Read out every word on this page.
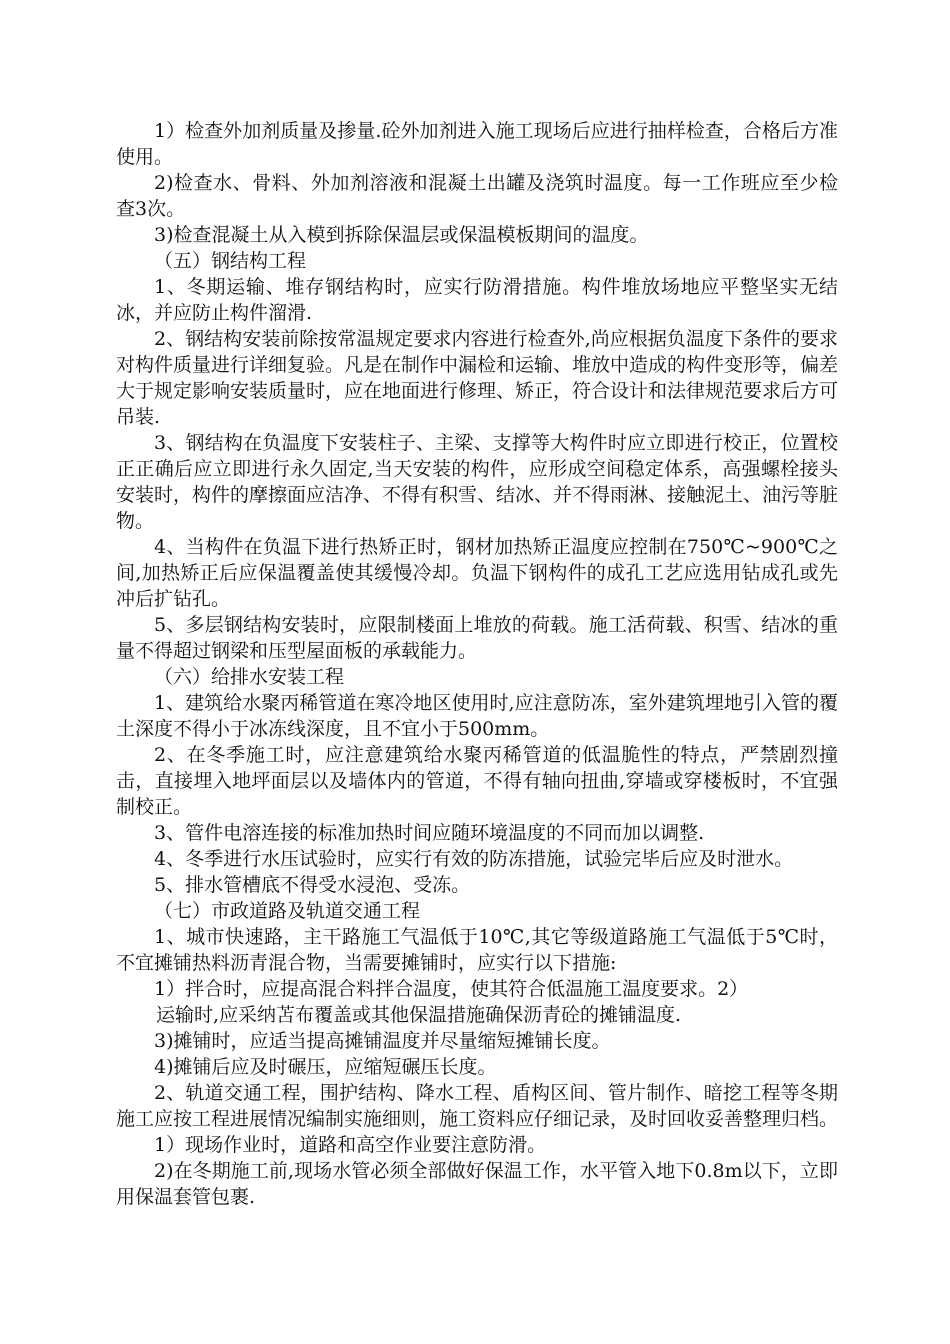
1）检查外加剂质量及掺量.砼外加剂进入施工现场后应进行抽样检查，合格后方准使用。

2)检查水、骨料、外加剂溶液和混凝土出罐及浇筑时温度。每一工作班应至少检查3次。

3)检查混凝土从入模到拆除保温层或保温模板期间的温度。

（五）钢结构工程

1、冬期运输、堆存钢结构时，应实行防滑措施。构件堆放场地应平整坚实无结冰，并应防止构件溜滑.

2、钢结构安装前除按常温规定要求内容进行检查外,尚应根据负温度下条件的要求对构件质量进行详细复验。凡是在制作中漏检和运输、堆放中造成的构件变形等，偏差大于规定影响安装质量时，应在地面进行修理、矫正，符合设计和法律规范要求后方可吊装.

3、钢结构在负温度下安装柱子、主梁、支撑等大构件时应立即进行校正，位置校正正确后应立即进行永久固定,当天安装的构件，应形成空间稳定体系，高强螺栓接头安装时，构件的摩擦面应洁净、不得有积雪、结冰、并不得雨淋、接触泥土、油污等脏物。

4、当构件在负温下进行热矫正时，钢材加热矫正温度应控制在750℃~900℃之间,加热矫正后应保温覆盖使其缓慢冷却。负温下钢构件的成孔工艺应选用钻成孔或先冲后扩钻孔。

5、多层钢结构安装时，应限制楼面上堆放的荷载。施工活荷载、积雪、结冰的重量不得超过钢梁和压型屋面板的承载能力。

（六）给排水安装工程

1、建筑给水聚丙稀管道在寒冷地区使用时,应注意防冻，室外建筑埋地引入管的覆土深度不得小于冰冻线深度，且不宜小于500mm。

2、在冬季施工时，应注意建筑给水聚丙稀管道的低温脆性的特点，严禁剧烈撞击，直接埋入地坪面层以及墙体内的管道，不得有轴向扭曲,穿墙或穿楼板时，不宜强制校正。

3、管件电溶连接的标准加热时间应随环境温度的不同而加以调整.

4、冬季进行水压试验时，应实行有效的防冻措施，试验完毕后应及时泄水。

5、排水管槽底不得受水浸泡、受冻。

（七）市政道路及轨道交通工程

1、城市快速路，主干路施工气温低于10℃,其它等级道路施工气温低于5℃时，不宜摊铺热料沥青混合物，当需要摊铺时，应实行以下措施:

1）拌合时，应提高混合料拌合温度，使其符合低温施工温度要求。2）

运输时,应采纳苫布覆盖或其他保温措施确保沥青砼的摊铺温度.

3)摊铺时，应适当提高摊铺温度并尽量缩短摊铺长度。

4)摊铺后应及时碾压，应缩短碾压长度。

2、轨道交通工程，围护结构、降水工程、盾构区间、管片制作、暗挖工程等冬期施工应按工程进展情况编制实施细则，施工资料应仔细记录，及时回收妥善整理归档。

1）现场作业时，道路和高空作业要注意防滑。

2)在冬期施工前,现场水管必须全部做好保温工作，水平管入地下0.8m以下，立即用保温套管包裹.
